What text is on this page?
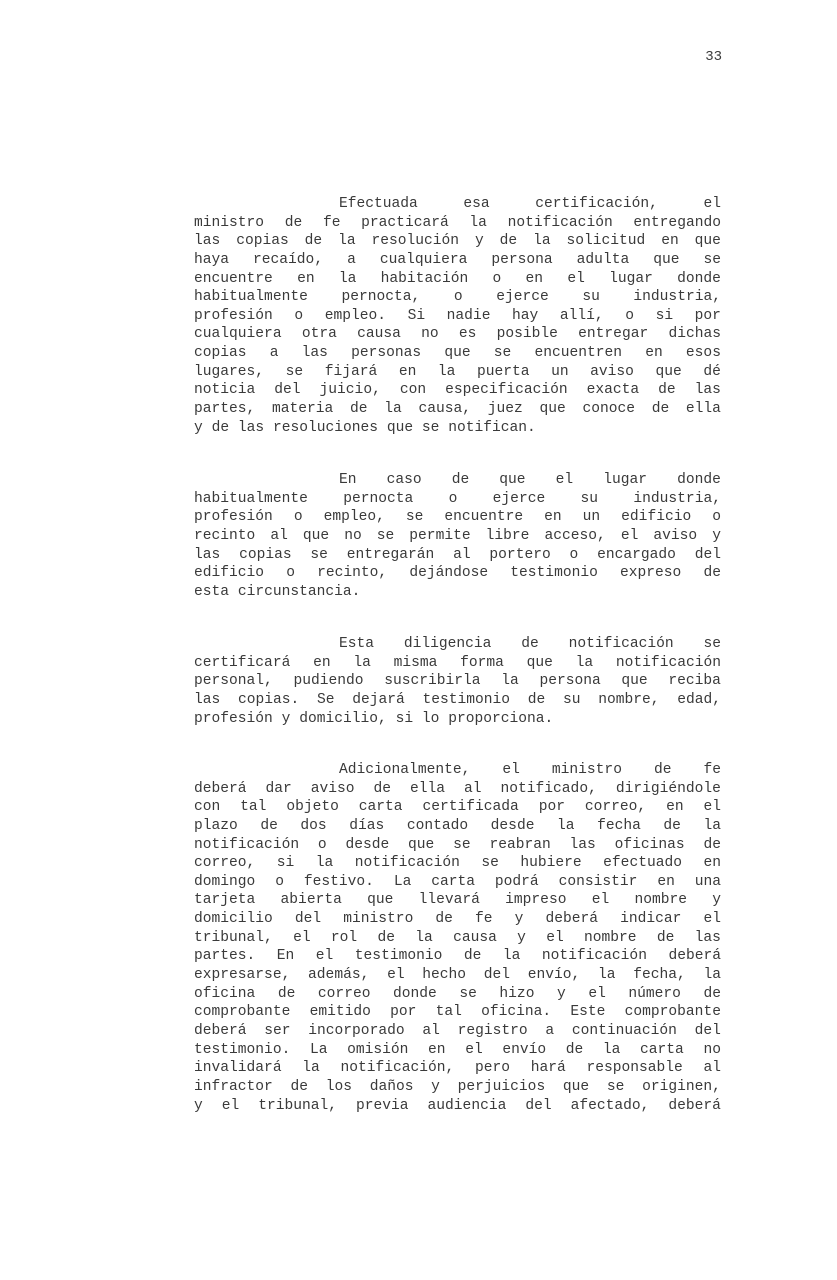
33
Efectuada	esa	certificación,	el
ministro de fe practicará la notificación entregando
las copias de la resolución y de la solicitud en que
haya recaído, a cualquiera persona adulta que se
encuentre en la habitación o en el lugar donde
habitualmente pernocta, o ejerce su industria,
profesión o empleo. Si nadie hay allí, o si por
cualquiera otra causa no es posible entregar dichas
copias a las personas que se encuentren en esos
lugares, se fijará en la puerta un aviso que dé
noticia del juicio, con especificación exacta de las
partes, materia de la causa, juez que conoce de ella
y de las resoluciones que se notifican.
En caso de que el lugar donde
habitualmente pernocta o ejerce su industria,
profesión o empleo, se encuentre en un edificio o
recinto al que no se permite libre acceso, el aviso y
las copias se entregarán al portero o encargado del
edificio o recinto, dejándose testimonio expreso de
esta circunstancia.
Esta diligencia de notificación se
certificará en la misma forma que la notificación
personal, pudiendo suscribirla la persona que reciba
las copias. Se dejará testimonio de su nombre, edad,
profesión y domicilio, si lo proporciona.
Adicionalmente, el ministro de fe
deberá dar aviso de ella al notificado, dirigiéndole
con tal objeto carta certificada por correo, en el
plazo de dos días contado desde la fecha de la
notificación o desde que se reabran las oficinas de
correo, si la notificación se hubiere efectuado en
domingo o festivo. La carta podrá consistir en una
tarjeta abierta que llevará impreso el nombre y
domicilio del ministro de fe y deberá indicar el
tribunal, el rol de la causa y el nombre de las
partes. En el testimonio de la notificación deberá
expresarse, además, el hecho del envío, la fecha, la
oficina de correo donde se hizo y el número de
comprobante emitido por tal oficina. Este comprobante
deberá ser incorporado al registro a continuación del
testimonio. La omisión en el envío de la carta no
invalidará la notificación, pero hará responsable al
infractor de los daños y perjuicios que se originen,
y el tribunal, previa audiencia del afectado, deberá
